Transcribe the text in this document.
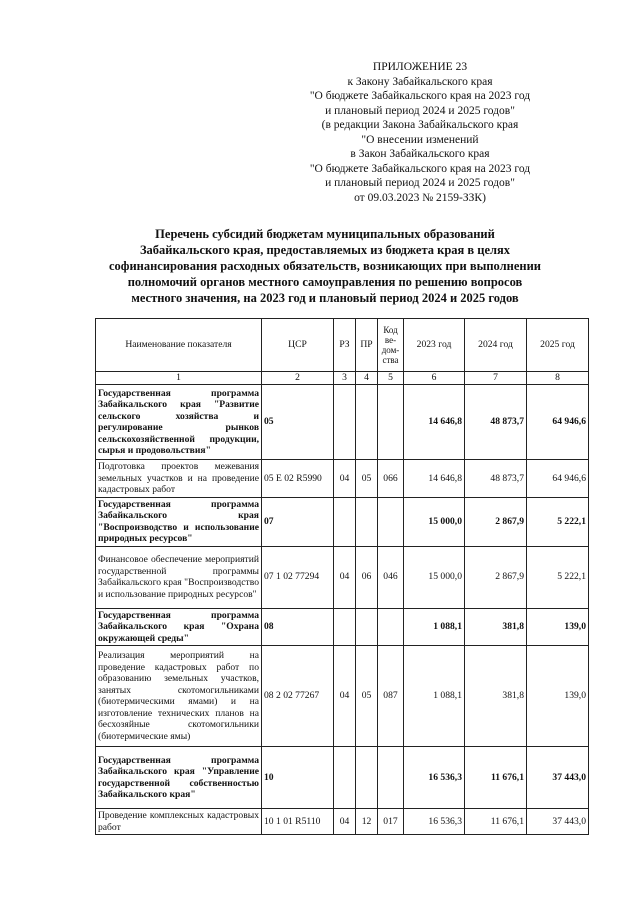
ПРИЛОЖЕНИЕ 23
к Закону Забайкальского края
"О бюджете Забайкальского края на 2023 год
и плановый период 2024 и 2025 годов"
(в редакции Закона Забайкальского края
"О внесении изменений
в Закон Забайкальского края
"О бюджете Забайкальского края на 2023 год
и плановый период 2024 и 2025 годов"
от 09.03.2023 № 2159-ЗЗК)
Перечень субсидий бюджетам муниципальных образований
Забайкальского края, предоставляемых из бюджета края в целях
софинансирования расходных обязательств, возникающих при выполнении
полномочий органов местного самоуправления по решению вопросов
местного значения, на 2023 год и плановый период 2024 и 2025 годов
Наименование показателя	ЦСР	РЗ	ПР	Код
ве-
дом-
ства	2023 год	2024 год	2025 год
1	2	3	4	5	6	7	8
Государственная программа Забайкальского края "Развитие сельского хозяйства и регулирование рынков сельскохозяйственной продукции, сырья и продовольствия"	05				14 646,8	48 873,7	64 946,6
Подготовка проектов межевания земельных участков и на проведение кадастровых работ	05 Е 02 R5990	04	05	066	14 646,8	48 873,7	64 946,6
Государственная программа Забайкальского края "Воспроизводство и использование природных ресурсов"	07				15 000,0	2 867,9	5 222,1
Финансовое обеспечение мероприятий государственной программы Забайкальского края "Воспроизводство и использование природных ресурсов"	07 1 02 77294	04	06	046	15 000,0	2 867,9	5 222,1
Государственная программа Забайкальского края "Охрана окружающей среды"	08				1 088,1	381,8	139,0
Реализация мероприятий на проведение кадастровых работ по образованию земельных участков, занятых скотомогильниками (биотермическими ямами) и на изготовление технических планов на бесхозяйные скотомогильники (биотермические ямы)	08 2 02 77267	04	05	087	1 088,1	381,8	139,0
Государственная программа Забайкальского края "Управление государственной собственностью Забайкальского края"	10				16 536,3	11 676,1	37 443,0
Проведение комплексных кадастровых работ	10 1 01 R5110	04	12	017	16 536,3	11 676,1	37 443,0
